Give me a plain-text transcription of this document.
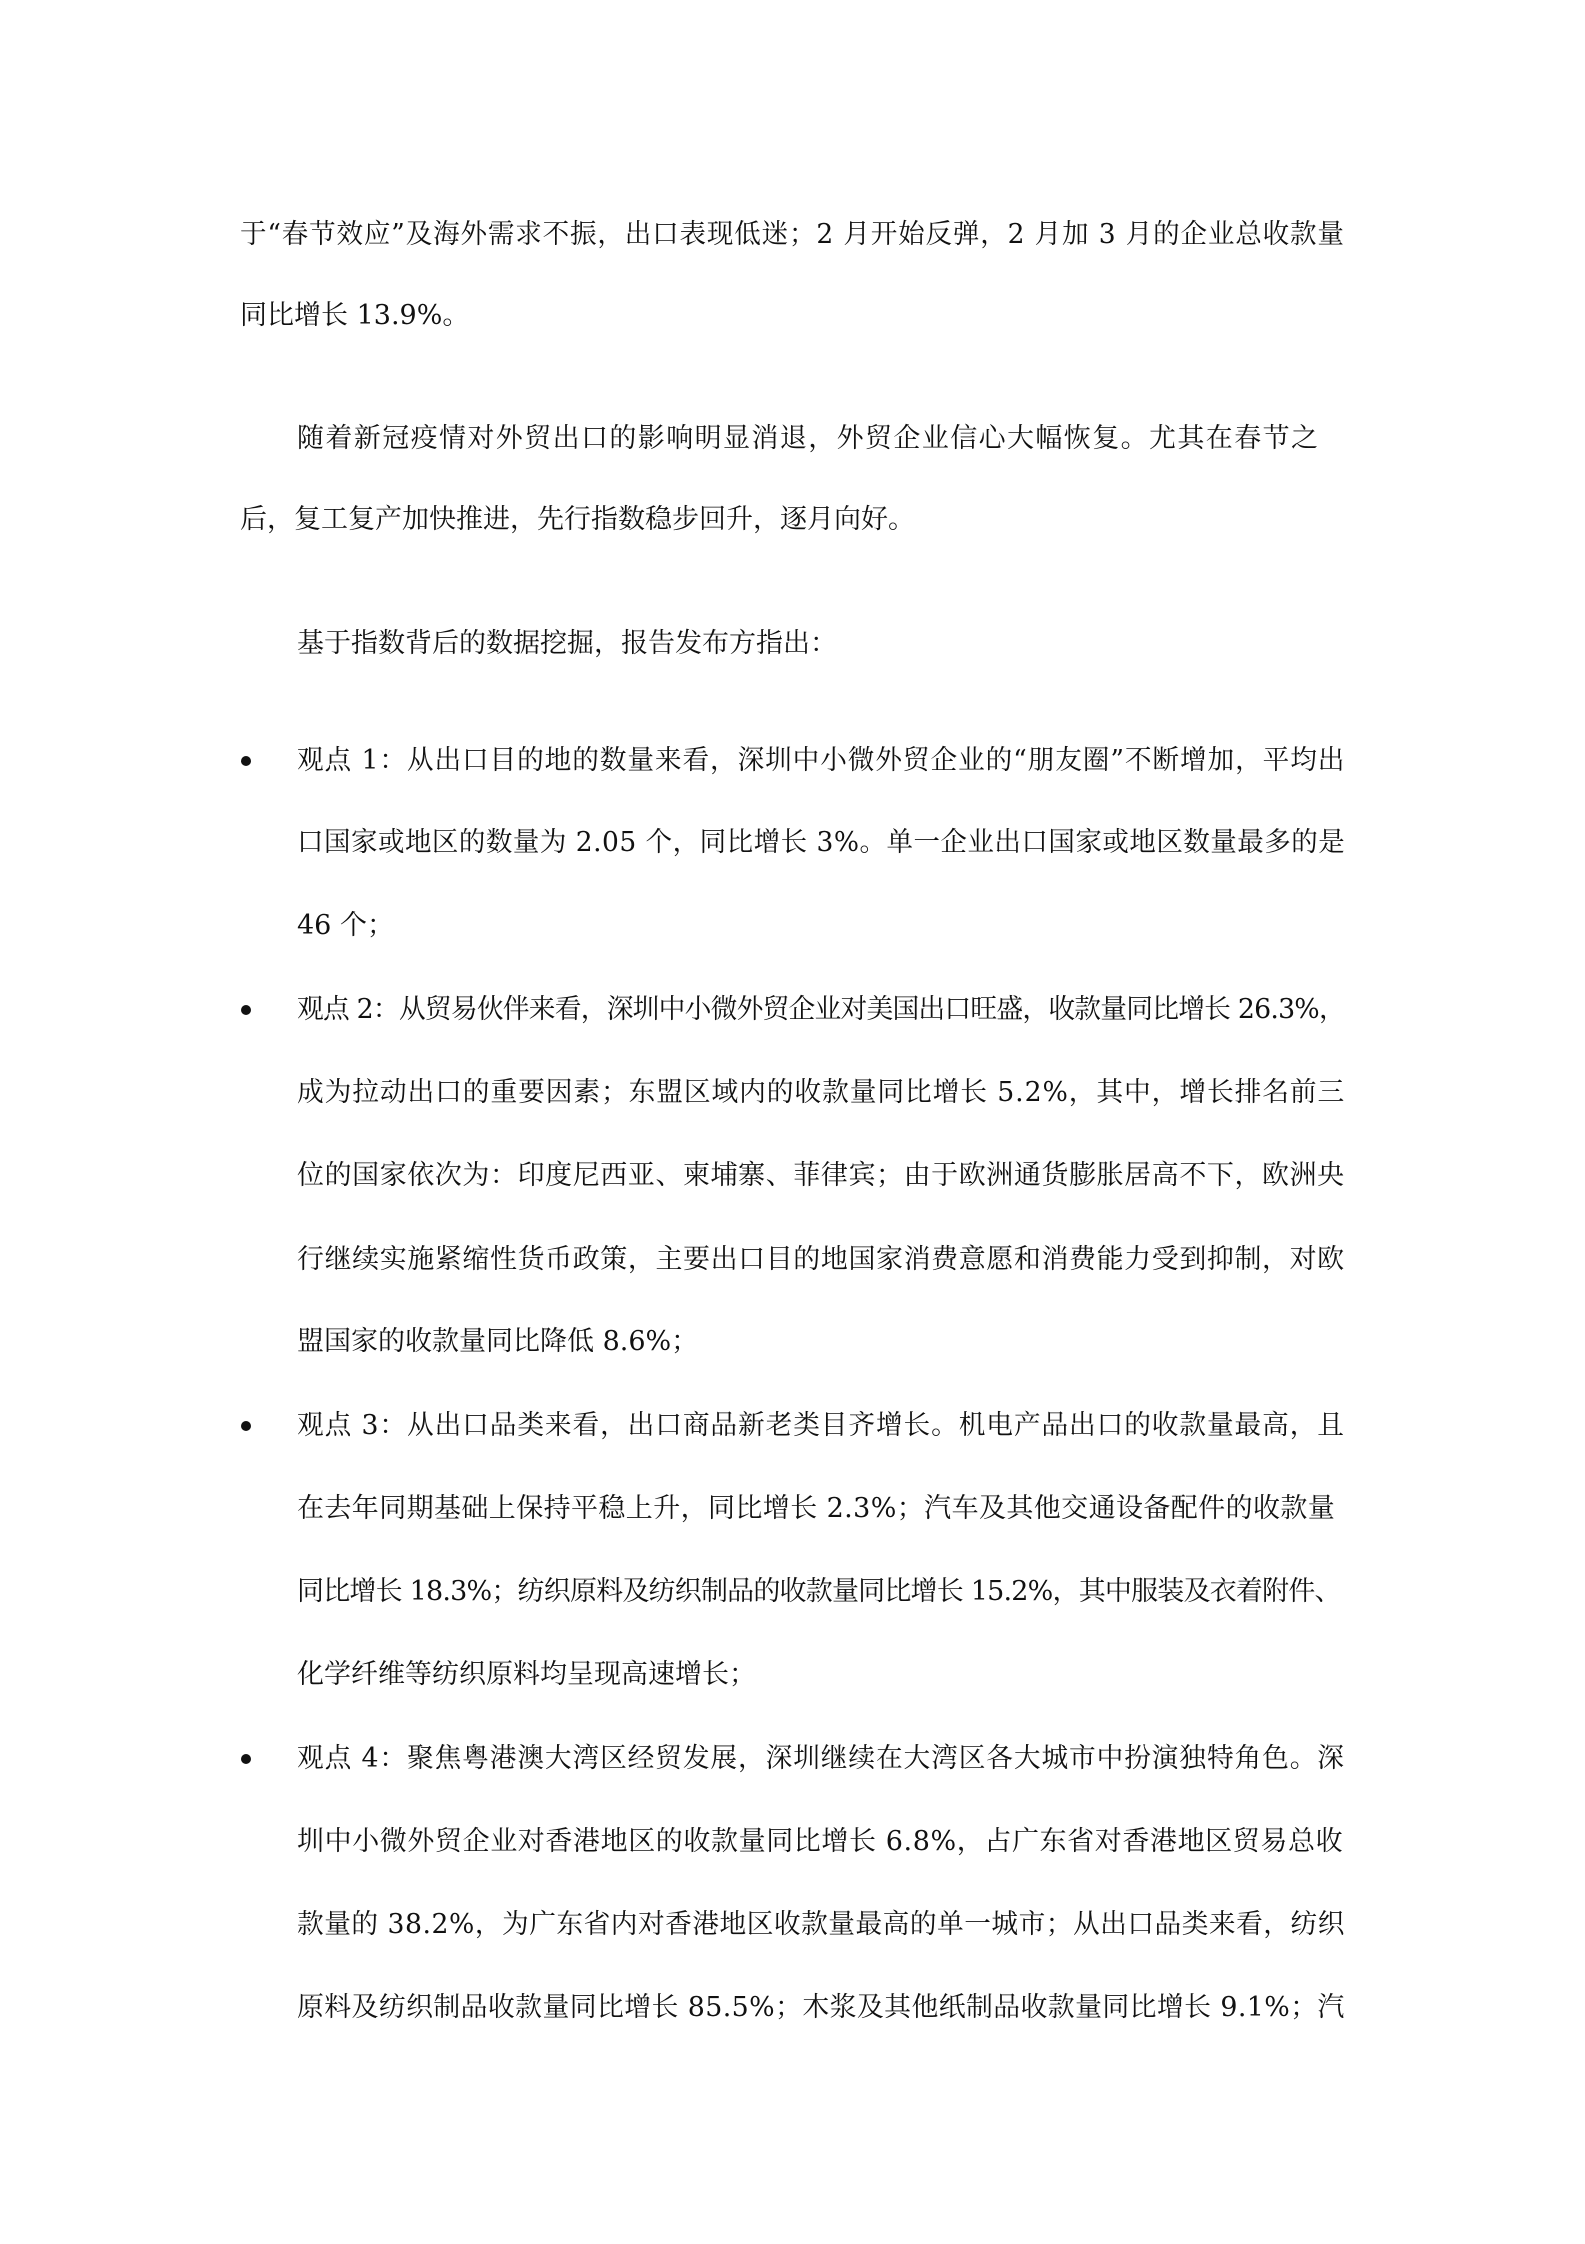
于“春节效应”及海外需求不振，出口表现低迷；2 月开始反弹，2 月加 3 月的企业总收款量
同比增长 13.9%。
随着新冠疫情对外贸出口的影响明显消退，外贸企业信心大幅恢复。尤其在春节之
后，复工复产加快推进，先行指数稳步回升，逐月向好。
基于指数背后的数据挖掘，报告发布方指出：
观点 1：从出口目的地的数量来看，深圳中小微外贸企业的“朋友圈”不断增加，平均出
口国家或地区的数量为 2.05 个，同比增长 3%。单一企业出口国家或地区数量最多的是
46 个；
观点 2：从贸易伙伴来看，深圳中小微外贸企业对美国出口旺盛，收款量同比增长 26.3%，
成为拉动出口的重要因素；东盟区域内的收款量同比增长 5.2%，其中，增长排名前三
位的国家依次为：印度尼西亚、柬埔寨、菲律宾；由于欧洲通货膨胀居高不下，欧洲央
行继续实施紧缩性货币政策，主要出口目的地国家消费意愿和消费能力受到抑制，对欧
盟国家的收款量同比降低 8.6%；
观点 3：从出口品类来看，出口商品新老类目齐增长。机电产品出口的收款量最高，且
在去年同期基础上保持平稳上升，同比增长 2.3%；汽车及其他交通设备配件的收款量
同比增长 18.3%；纺织原料及纺织制品的收款量同比增长 15.2%，其中服装及衣着附件、
化学纤维等纺织原料均呈现高速增长；
观点 4：聚焦粤港澳大湾区经贸发展，深圳继续在大湾区各大城市中扮演独特角色。深
圳中小微外贸企业对香港地区的收款量同比增长 6.8%，占广东省对香港地区贸易总收
款量的 38.2%，为广东省内对香港地区收款量最高的单一城市；从出口品类来看，纺织
原料及纺织制品收款量同比增长 85.5%；木浆及其他纸制品收款量同比增长 9.1%；汽
